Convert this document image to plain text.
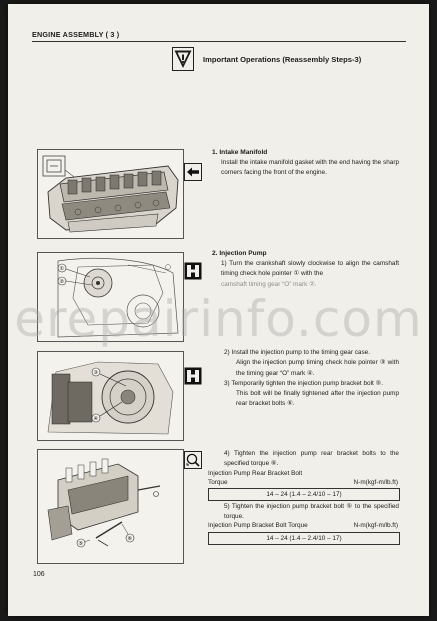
ENGINE ASSEMBLY ( 3 )
Important Operations (Reassembly Steps-3)
1. Intake Manifold
Install the intake manifold gasket with the end having the sharp corners facing the front of the engine.
①
②
2. Injection Pump

1) Turn the crankshaft slowly clockwise to align the camshaft timing check hole pointer ① with the

camshaft timing gear “O” mark ②.

erepairinfo.com
③
④

2) Install the injection pump to the timing gear case.

Align the injection pump timing check hole pointer ③ with the timing gear “O” mark ④.

3) Temporarily tighten the injection pump bracket bolt ⑤.

This bolt will be finally tightened after the injection pump rear bracket bolts ⑥.

⑤
⑥
4) Tighten the injection pump rear bracket bolts to the specified torque ⑥.
Injection Pump Rear Bracket Bolt
Torque	N-m(kgf-m/lb.ft)
14 – 24 (1.4 – 2.4/10 – 17)
5) Tighten the injection pump bracket bolt ⑤ to the specified torque.
Injection Pump Bracket Bolt Torque	N-m(kgf-m/lb.ft)
14 – 24 (1.4 – 2.4/10 – 17)
106
